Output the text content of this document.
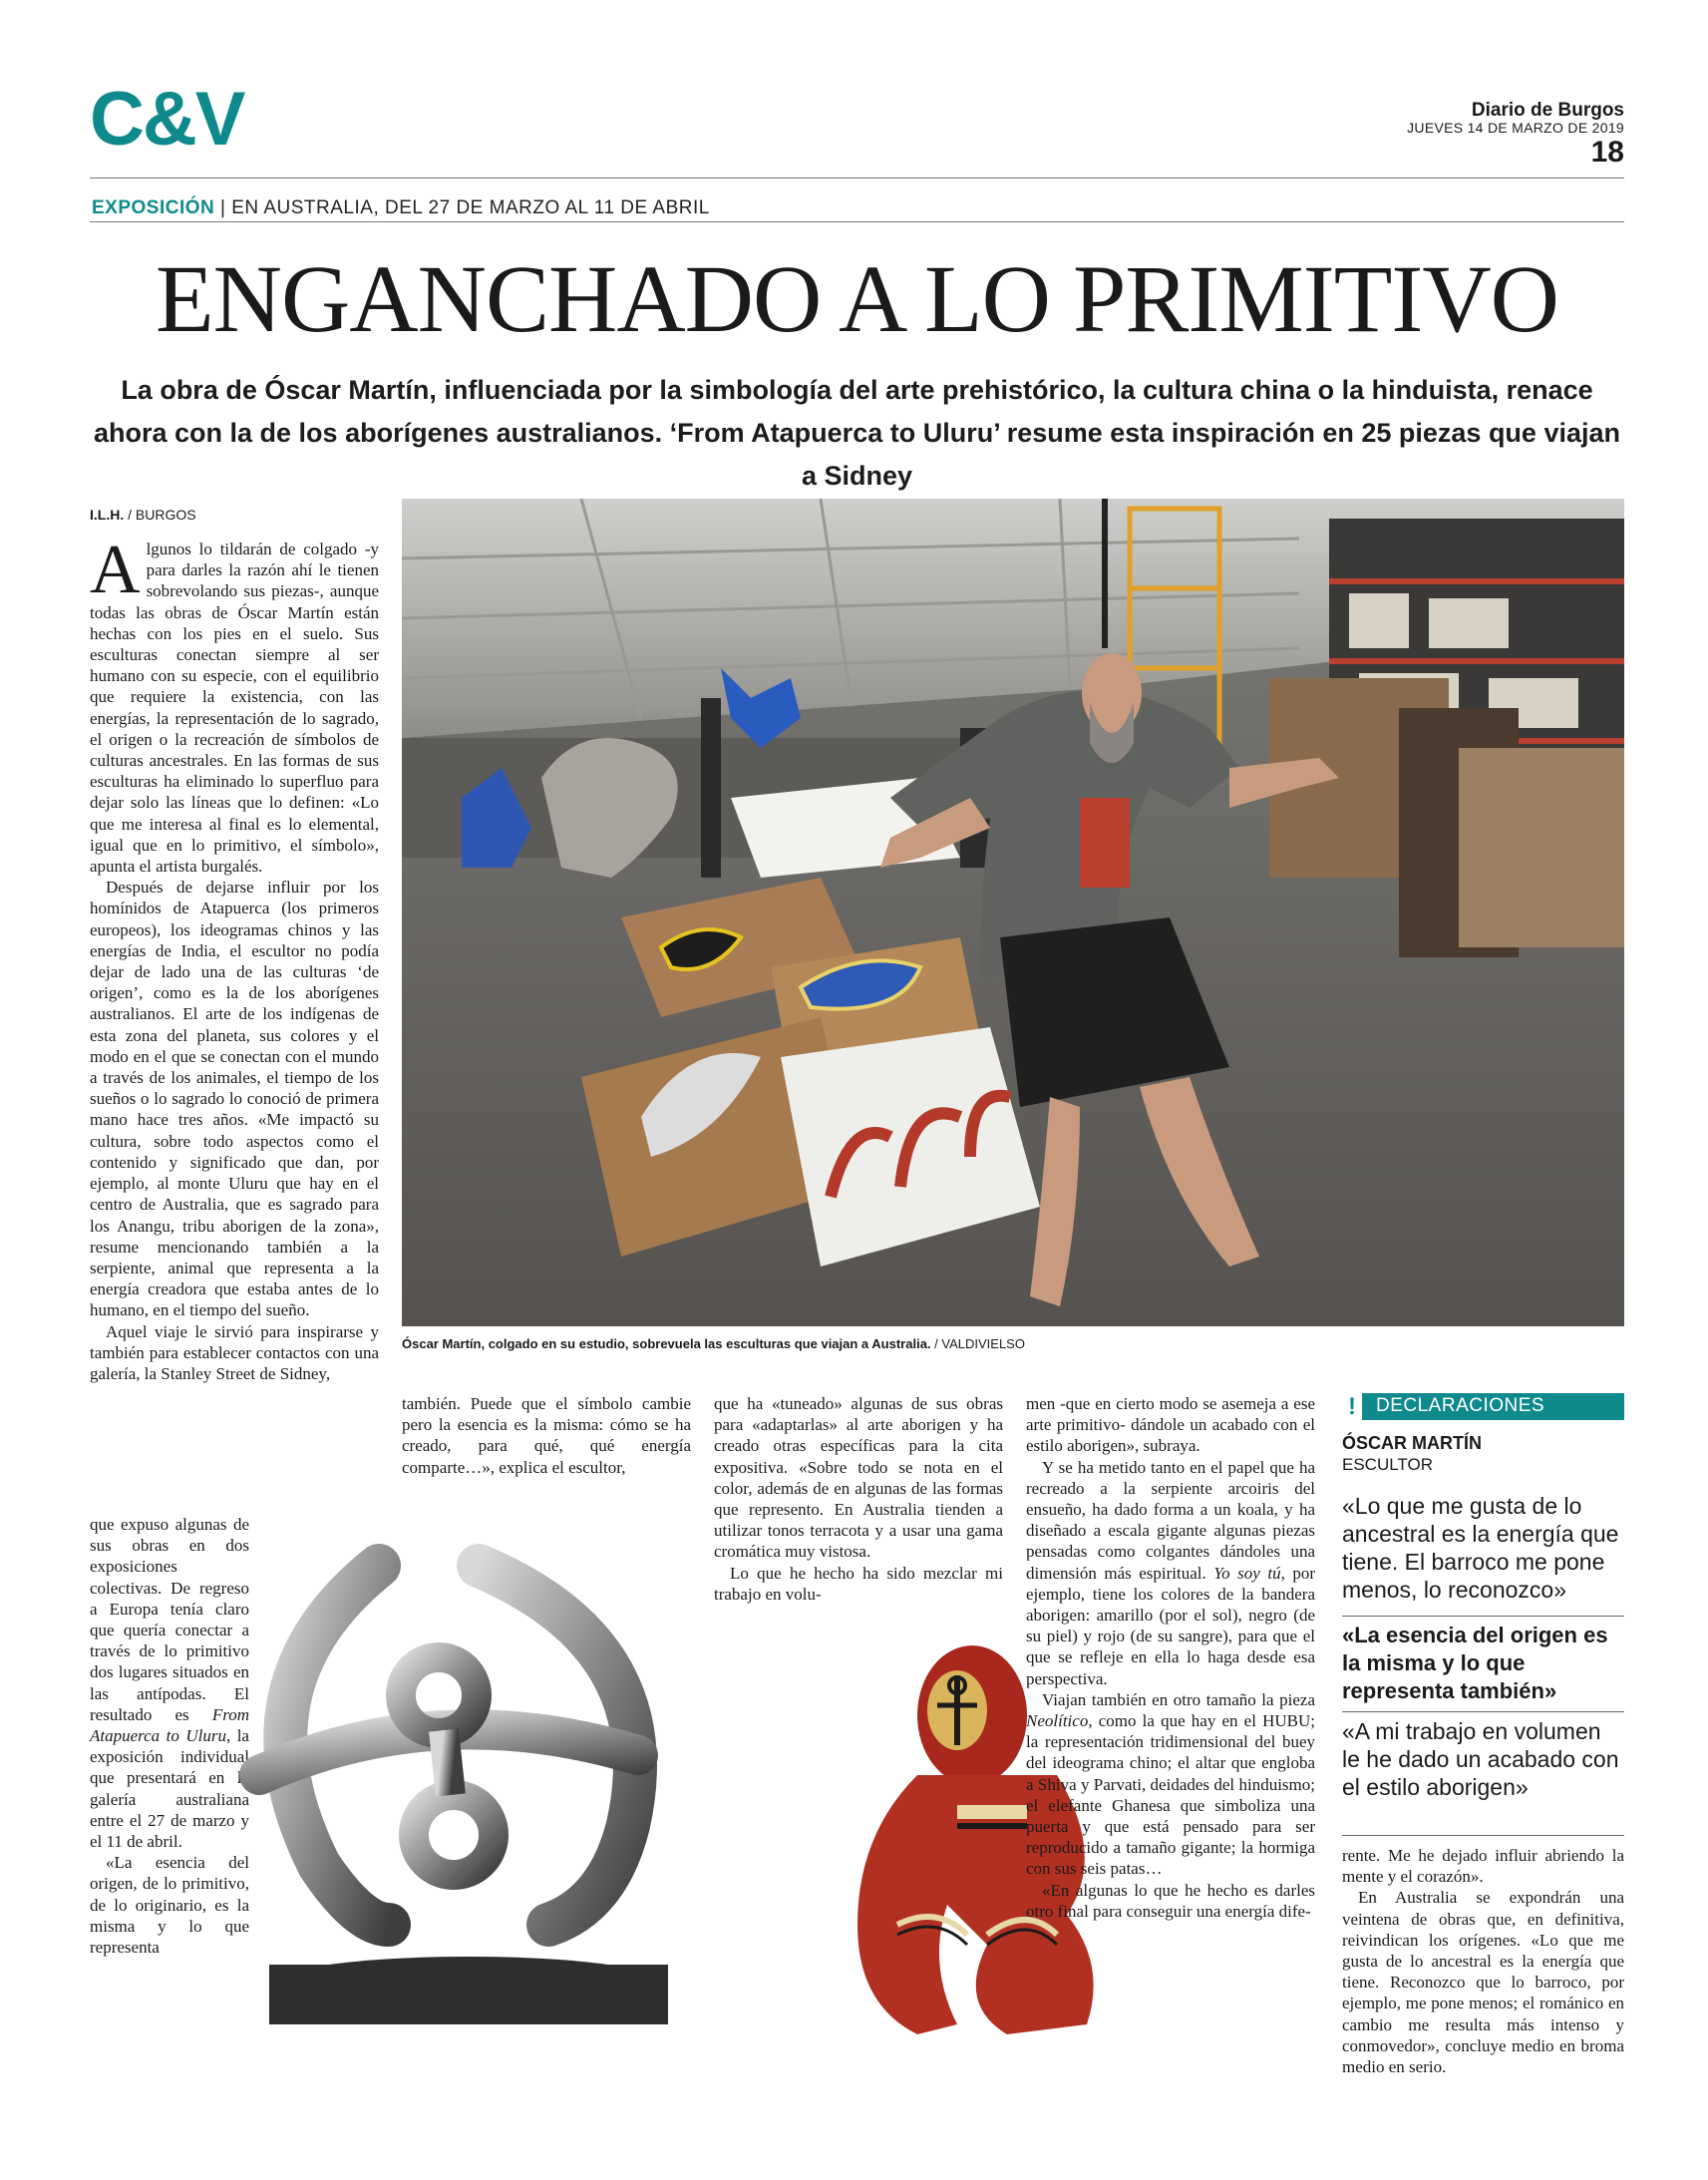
C&V	Diario de Burgos
JUEVES 14 DE MARZO DE 2019
18
EXPOSICIÓN | EN AUSTRALIA, DEL 27 DE MARZO AL 11 DE ABRIL
ENGANCHADO A LO PRIMITIVO
La obra de Óscar Martín, influenciada por la simbología del arte prehistórico, la cultura china o la hinduista, renace ahora con la de los aborígenes australianos. ‘From Atapuerca to Uluru’ resume esta inspiración en 25 piezas que viajan a Sidney
I.L.H. / BURGOS
Óscar Martín, colgado en su estudio, sobrevuela las esculturas que viajan a Australia. / VALDIVIELSO

Algunos lo tildarán de colgado -y para darles la razón ahí le tienen sobrevolando sus piezas-, aunque todas las obras de Óscar Martín están hechas con los pies en el suelo. Sus esculturas conectan siempre al ser humano con su especie, con el equilibrio que requiere la existencia, con las energías, la representación de lo sagrado, el origen o la recreación de símbolos de culturas ancestrales. En las formas de sus esculturas ha eliminado lo superfluo para dejar solo las líneas que lo definen: «Lo que me interesa al final es lo elemental, igual que en lo primitivo, el símbolo», apunta el artista burgalés.

Después de dejarse influir por los homínidos de Atapuerca (los primeros europeos), los ideogramas chinos y las energías de India, el escultor no podía dejar de lado una de las culturas ‘de origen’, como es la de los aborígenes australianos. El arte de los indígenas de esta zona del planeta, sus colores y el modo en el que se conectan con el mundo a través de los animales, el tiempo de los sueños o lo sagrado lo conoció de primera mano hace tres años. «Me impactó su cultura, sobre todo aspectos como el contenido y significado que dan, por ejemplo, al monte Uluru que hay en el centro de Australia, que es sagrado para los Anangu, tribu aborigen de la zona», resume mencionando también a la serpiente, animal que representa a la energía creadora que estaba antes de lo humano, en el tiempo del sueño.

Aquel viaje le sirvió para inspirarse y también para establecer contactos con una galería, la Stanley Street de Sidney,

que expuso algunas de sus obras en dos exposiciones colectivas. De regreso a Europa tenía claro que quería conectar a través de lo primitivo dos lugares situados en las antípodas. El resultado es From Atapuerca to Uluru, la exposición individual que presentará en la galería australiana entre el 27 de marzo y el 11 de abril.

«La esencia del origen, de lo primitivo, de lo originario, es la misma y lo que representa

también. Puede que el símbolo cambie pero la esencia es la misma: cómo se ha creado, para qué, qué energía comparte…», explica el escultor,

que ha «tuneado» algunas de sus obras para «adaptarlas» al arte aborigen y ha creado otras específicas para la cita expositiva. «Sobre todo se nota en el color, además de en algunas de las formas que represento. En Australia tienden a utilizar tonos terracota y a usar una gama cromática muy vistosa.

Lo que he hecho ha sido mezclar mi trabajo en volu-

men -que en cierto modo se asemeja a ese arte primitivo- dándole un acabado con el estilo aborigen», subraya.

Y se ha metido tanto en el papel que ha recreado a la serpiente arcoiris del ensueño, ha dado forma a un koala, y ha diseñado a escala gigante algunas piezas pensadas como colgantes dándoles una dimensión más espiritual. Yo soy tú, por ejemplo, tiene los colores de la bandera aborigen: amarillo (por el sol), negro (de su piel) y rojo (de su sangre), para que el que se refleje en ella lo haga desde esa perspectiva.

Viajan también en otro tamaño la pieza Neolítico, como la que hay en el HUBU; la representación tridimensional del buey del ideograma chino; el altar que engloba a Shiva y Parvati, deidades del hinduismo; el elefante Ghanesa que simboliza una puerta y que está pensado para ser reproducido a tamaño gigante; la hormiga con sus seis patas…

«En algunas lo que he hecho es darles otro final para conseguir una energía dife-

!	DECLARACIONES
ÓSCAR MARTÍN
ESCULTOR
«Lo que me gusta de lo ancestral es la energía que tiene. El barroco me pone menos, lo reconozco»
«La esencia del origen es la misma y lo que representa también»
«A mi trabajo en volumen le he dado un acabado con el estilo aborigen»

rente. Me he dejado influir abriendo la mente y el corazón».

En Australia se expondrán una veintena de obras que, en definitiva, reivindican los orígenes. «Lo que me gusta de lo ancestral es la energía que tiene. Reconozco que lo barroco, por ejemplo, me pone menos; el románico en cambio me resulta más intenso y conmovedor», concluye medio en broma medio en serio.
